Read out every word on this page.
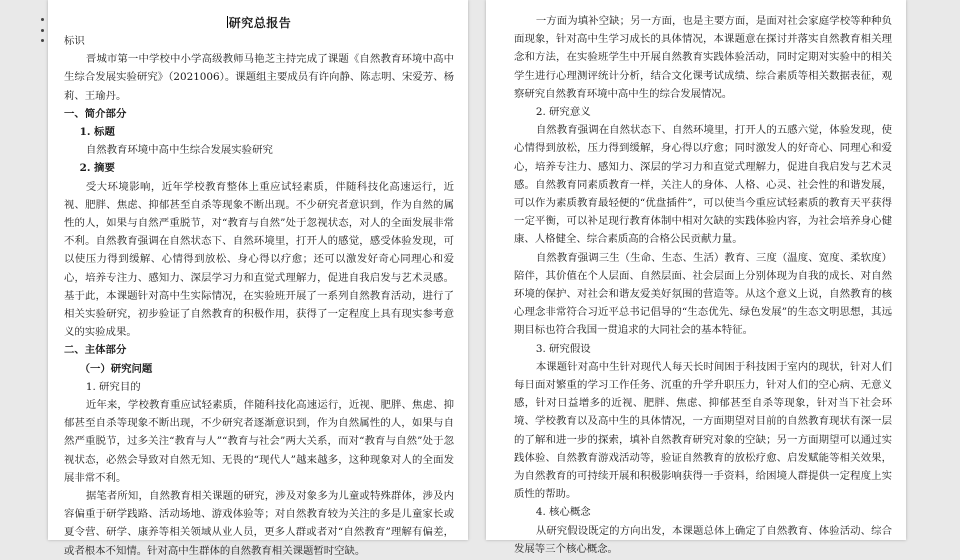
研究总报告

标识

晋城市第一中学校中小学高级教师马艳芝主持完成了课题《自然教育环境中高中生综合发展实验研究》（2021006）。课题组主要成员有许向静、陈志明、宋爱芳、杨莉、王瑜丹。

一、简介部分

1. 标题

自然教育环境中高中生综合发展实验研究

2. 摘要

受大环境影响，近年学校教育整体上重应试轻素质，伴随科技化高速运行，近视、肥胖、焦虑、抑郁甚至自杀等现象不断出现。不少研究者意识到，作为自然的属性的人，如果与自然严重脱节，对“教育与自然”处于忽视状态，对人的全面发展非常不利。自然教育强调在自然状态下、自然环境里，打开人的感觉，感受体验发现，可以使压力得到缓解、心情得到放松、身心得以疗愈；还可以激发好奇心同理心和爱心，培养专注力、感知力、深层学习力和直觉式理解力，促进自我启发与艺术灵感。基于此，本课题针对高中生实际情况，在实验班开展了一系列自然教育活动，进行了相关实验研究，初步验证了自然教育的积极作用，获得了一定程度上具有现实参考意义的实验成果。

二、主体部分

（一）研究问题

1. 研究目的

近年来，学校教育重应试轻素质，伴随科技化高速运行，近视、肥胖、焦虑、抑郁甚至自杀等现象不断出现，不少研究者逐渐意识到，作为自然属性的人，如果与自然严重脱节，过多关注“教育与人”“教育与社会”两大关系，而对“教育与自然”处于忽视状态，必然会导致对自然无知、无畏的“现代人”越来越多，这种现象对人的全面发展非常不利。

据笔者所知，自然教育相关课题的研究，涉及对象多为儿童或特殊群体，涉及内容偏重于研学践路、活动场地、游戏体验等；对自然教育较为关注的多是儿童家长或夏令营、研学、康养等相关领域从业人员，更多人群或者对“自然教育”理解有偏差，或者根本不知情。针对高中生群体的自然教育相关课题暂时空缺。

一方面为填补空缺；另一方面，也是主要方面，是面对社会家庭学校等种种负面现象，针对高中生学习成长的具体情况，本课题意在探讨并落实自然教育相关理念和方法，在实验班学生中开展自然教育实践体验活动，同时定期对实验中的相关学生进行心理测评统计分析，结合文化课考试成绩、综合素质等相关数据表征，观察研究自然教育环境中高中生的综合发展情况。

2. 研究意义

自然教育强调在自然状态下、自然环境里，打开人的五感六觉，体验发现，使心情得到放松，压力得到缓解，身心得以疗愈；同时激发人的好奇心、同理心和爱心，培养专注力、感知力、深层的学习力和直觉式理解力，促进自我启发与艺术灵感。自然教育同素质教育一样，关注人的身体、人格、心灵、社会性的和谐发展，可以作为素质教育最轻便的“优盘插件”，可以使当今重应试轻素质的教育天平获得一定平衡，可以补足现行教育体制中相对欠缺的实践体验内容，为社会培养身心健康、人格健全、综合素质高的合格公民贡献力量。

自然教育强调三生（生命、生态、生活）教育、三度（温度、宽度、柔软度）陪伴，其价值在个人层面、自然层面、社会层面上分别体现为自我的成长、对自然环境的保护、对社会和谐友爱美好氛围的营造等。从这个意义上说，自然教育的核心理念非常符合习近平总书记倡导的“生态优先、绿色发展”的生态文明思想，其远期目标也符合我国一贯追求的大同社会的基本特征。

3. 研究假设

本课题针对高中生针对现代人每天长时间困于科技困于室内的现状，针对人们每日面对繁重的学习工作任务、沉重的升学升职压力，针对人们的空心病、无意义感，针对日益增多的近视、肥胖、焦虑、抑郁甚至自杀等现象，针对当下社会环境、学校教育以及高中生的具体情况，一方面期望对目前的自然教育现状有深一层的了解和进一步的探索，填补自然教育研究对象的空缺；另一方面期望可以通过实践体验、自然教育游戏活动等，验证自然教育的放松疗愈、启发赋能等相关效果，为自然教育的可持续开展和积极影响获得一手资料，给困境人群提供一定程度上实质性的帮助。

4. 核心概念

从研究假设既定的方向出发，本课题总体上确定了自然教育、体验活动、综合发展等三个核心概念。
